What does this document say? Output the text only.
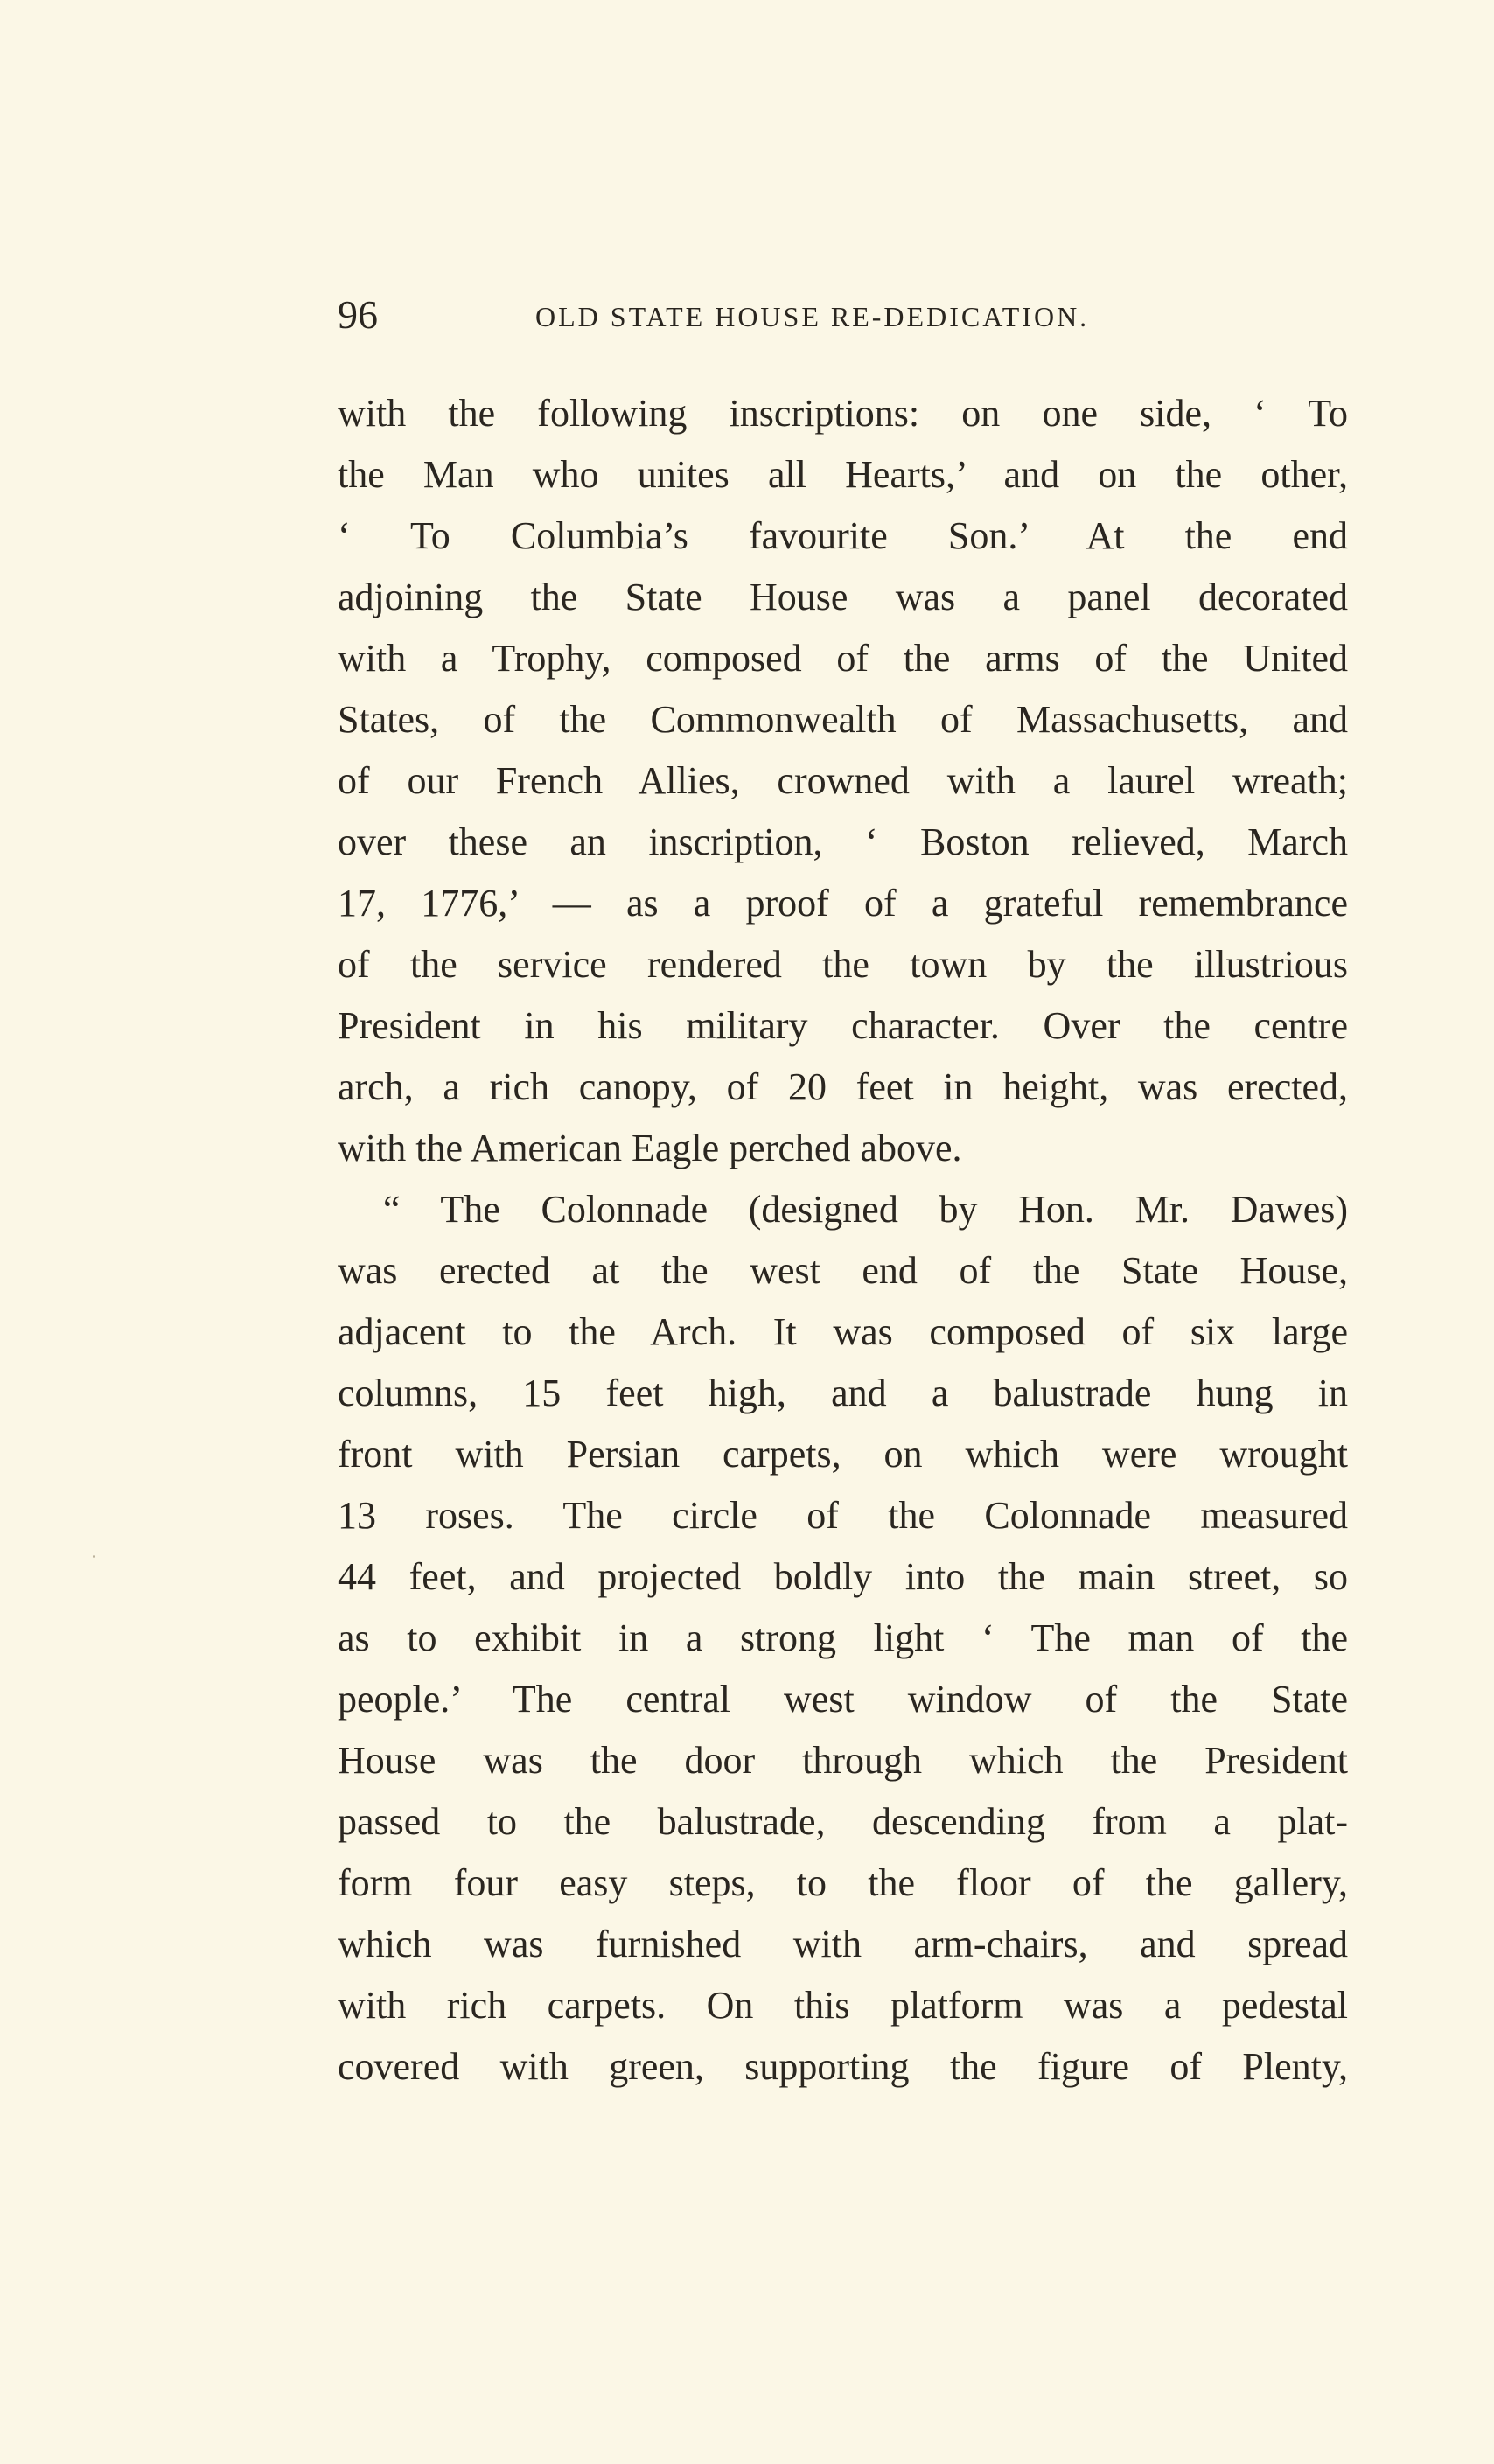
96	OLD STATE HOUSE RE-DEDICATION.
with the following inscriptions: on one side, ‘ To
the Man who unites all Hearts,’ and on the other,
‘ To Columbia’s favourite Son.’ At the end
adjoining the State House was a panel decorated
with a Trophy, composed of the arms of the United
States, of the Commonwealth of Massachusetts, and
of our French Allies, crowned with a laurel wreath;
over these an inscription, ‘ Boston relieved, March
17, 1776,’ — as a proof of a grateful remembrance
of the service rendered the town by the illustrious
President in his military character. Over the centre
arch, a rich canopy, of 20 feet in height, was erected,
with the American Eagle perched above.
“ The Colonnade (designed by Hon. Mr. Dawes)
was erected at the west end of the State House,
adjacent to the Arch. It was composed of six large
columns, 15 feet high, and a balustrade hung in
front with Persian carpets, on which were wrought
13 roses. The circle of the Colonnade measured
44 feet, and projected boldly into the main street, so
as to exhibit in a strong light ‘ The man of the
people.’ The central west window of the State
House was the door through which the President
passed to the balustrade, descending from a plat-
form four easy steps, to the floor of the gallery,
which was furnished with arm-chairs, and spread
with rich carpets. On this platform was a pedestal
covered with green, supporting the figure of Plenty,
